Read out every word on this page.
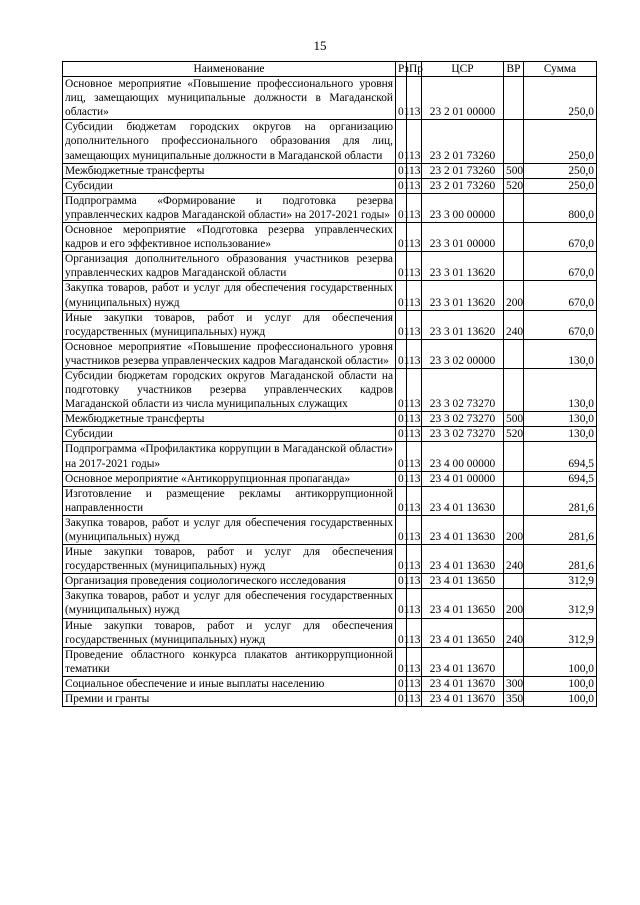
15
Наименование	Рз	Пр	ЦСР	ВР	Сумма
Основное мероприятие «Повышение профессионального уровня лиц, замещающих муниципальные должности в Магаданской области»	01	13	23 2 01 00000		250,0
Субсидии бюджетам городских округов на организацию дополнительного профессионального образования для лиц, замещающих муниципальные должности в Магаданской области	01	13	23 2 01 73260		250,0
Межбюджетные трансферты	01	13	23 2 01 73260	500	250,0
Субсидии	01	13	23 2 01 73260	520	250,0
Подпрограмма «Формирование и подготовка резерва управленческих кадров Магаданской области» на 2017-2021 годы»	01	13	23 3 00 00000		800,0
Основное мероприятие «Подготовка резерва управленческих кадров и его эффективное использование»	01	13	23 3 01 00000		670,0
Организация дополнительного образования участников резерва управленческих кадров Магаданской области	01	13	23 3 01 13620		670,0
Закупка товаров, работ и услуг для обеспечения государственных (муниципальных) нужд	01	13	23 3 01 13620	200	670,0
Иные закупки товаров, работ и услуг для обеспечения государственных (муниципальных) нужд	01	13	23 3 01 13620	240	670,0
Основное мероприятие «Повышение профессионального уровня участников резерва управленческих кадров Магаданской области»	01	13	23 3 02 00000		130,0
Субсидии бюджетам городских округов Магаданской области на подготовку участников резерва управленческих кадров Магаданской области из числа муниципальных служащих	01	13	23 3 02 73270		130,0
Межбюджетные трансферты	01	13	23 3 02 73270	500	130,0
Субсидии	01	13	23 3 02 73270	520	130,0
Подпрограмма «Профилактика коррупции в Магаданской области» на 2017-2021 годы»	01	13	23 4 00 00000		694,5
Основное мероприятие «Антикоррупционная пропаганда»	01	13	23 4 01 00000		694,5
Изготовление и размещение рекламы антикоррупционной направленности	01	13	23 4 01 13630		281,6
Закупка товаров, работ и услуг для обеспечения государственных (муниципальных) нужд	01	13	23 4 01 13630	200	281,6
Иные закупки товаров, работ и услуг для обеспечения государственных (муниципальных) нужд	01	13	23 4 01 13630	240	281,6
Организация проведения социологического исследования	01	13	23 4 01 13650		312,9
Закупка товаров, работ и услуг для обеспечения государственных (муниципальных) нужд	01	13	23 4 01 13650	200	312,9
Иные закупки товаров, работ и услуг для обеспечения государственных (муниципальных) нужд	01	13	23 4 01 13650	240	312,9
Проведение областного конкурса плакатов антикоррупционной тематики	01	13	23 4 01 13670		100,0
Социальное обеспечение и иные выплаты населению	01	13	23 4 01 13670	300	100,0
Премии и гранты	01	13	23 4 01 13670	350	100,0
